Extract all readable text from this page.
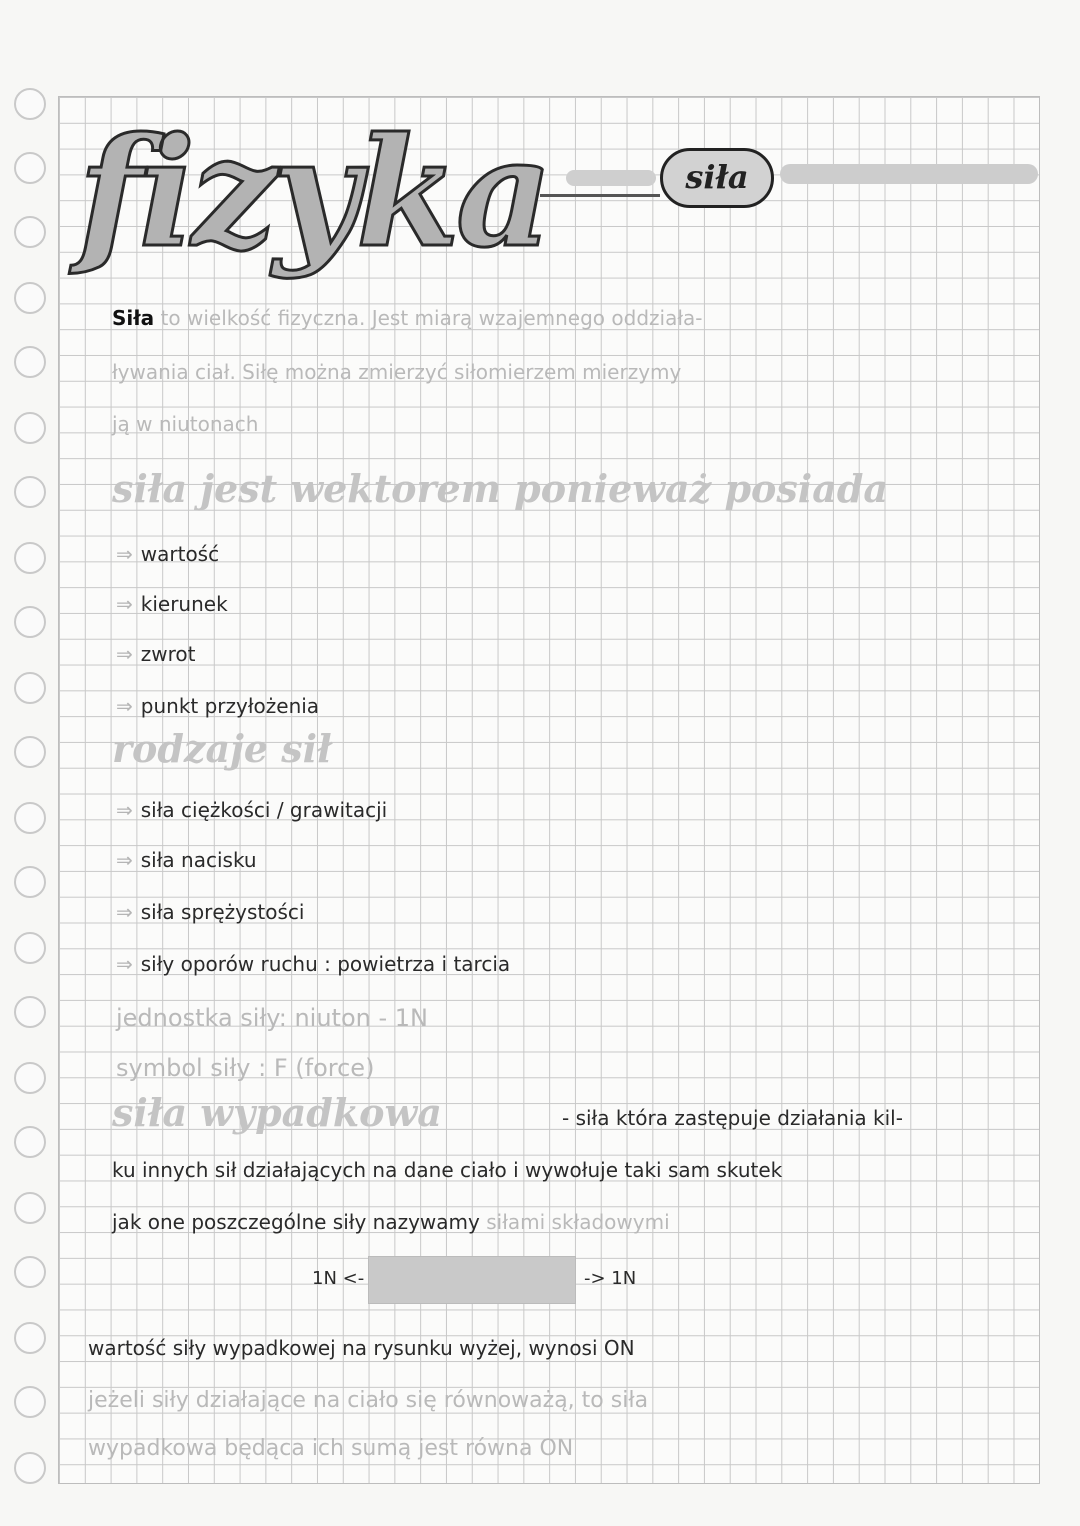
fizyka	siła
Siła to wielkość fizyczna. Jest miarą wzajemnego oddziała-
ływania ciał. Siłę można zmierzyć siłomierzem mierzymy
ją w niutonach
siła jest wektorem ponieważ posiada
⇒ wartość
⇒ kierunek
⇒ zwrot
⇒ punkt przyłożenia
rodzaje sił
⇒ siła ciężkości / grawitacji
⇒ siła nacisku
⇒ siła sprężystości
⇒ siły oporów ruchu : powietrza i tarcia
jednostka siły: niuton - 1N
symbol siły : F (force)
siła wypadkowa	- siła która zastępuje działania kil-
ku innych sił działających na dane ciało i wywołuje taki sam skutek
jak one poszczególne siły nazywamy siłami składowymi
1N <-	-> 1N
wartość siły wypadkowej na rysunku wyżej, wynosi ON
jeżeli siły działające na ciało się równoważą, to siła
wypadkowa będąca ich sumą jest równa ON
